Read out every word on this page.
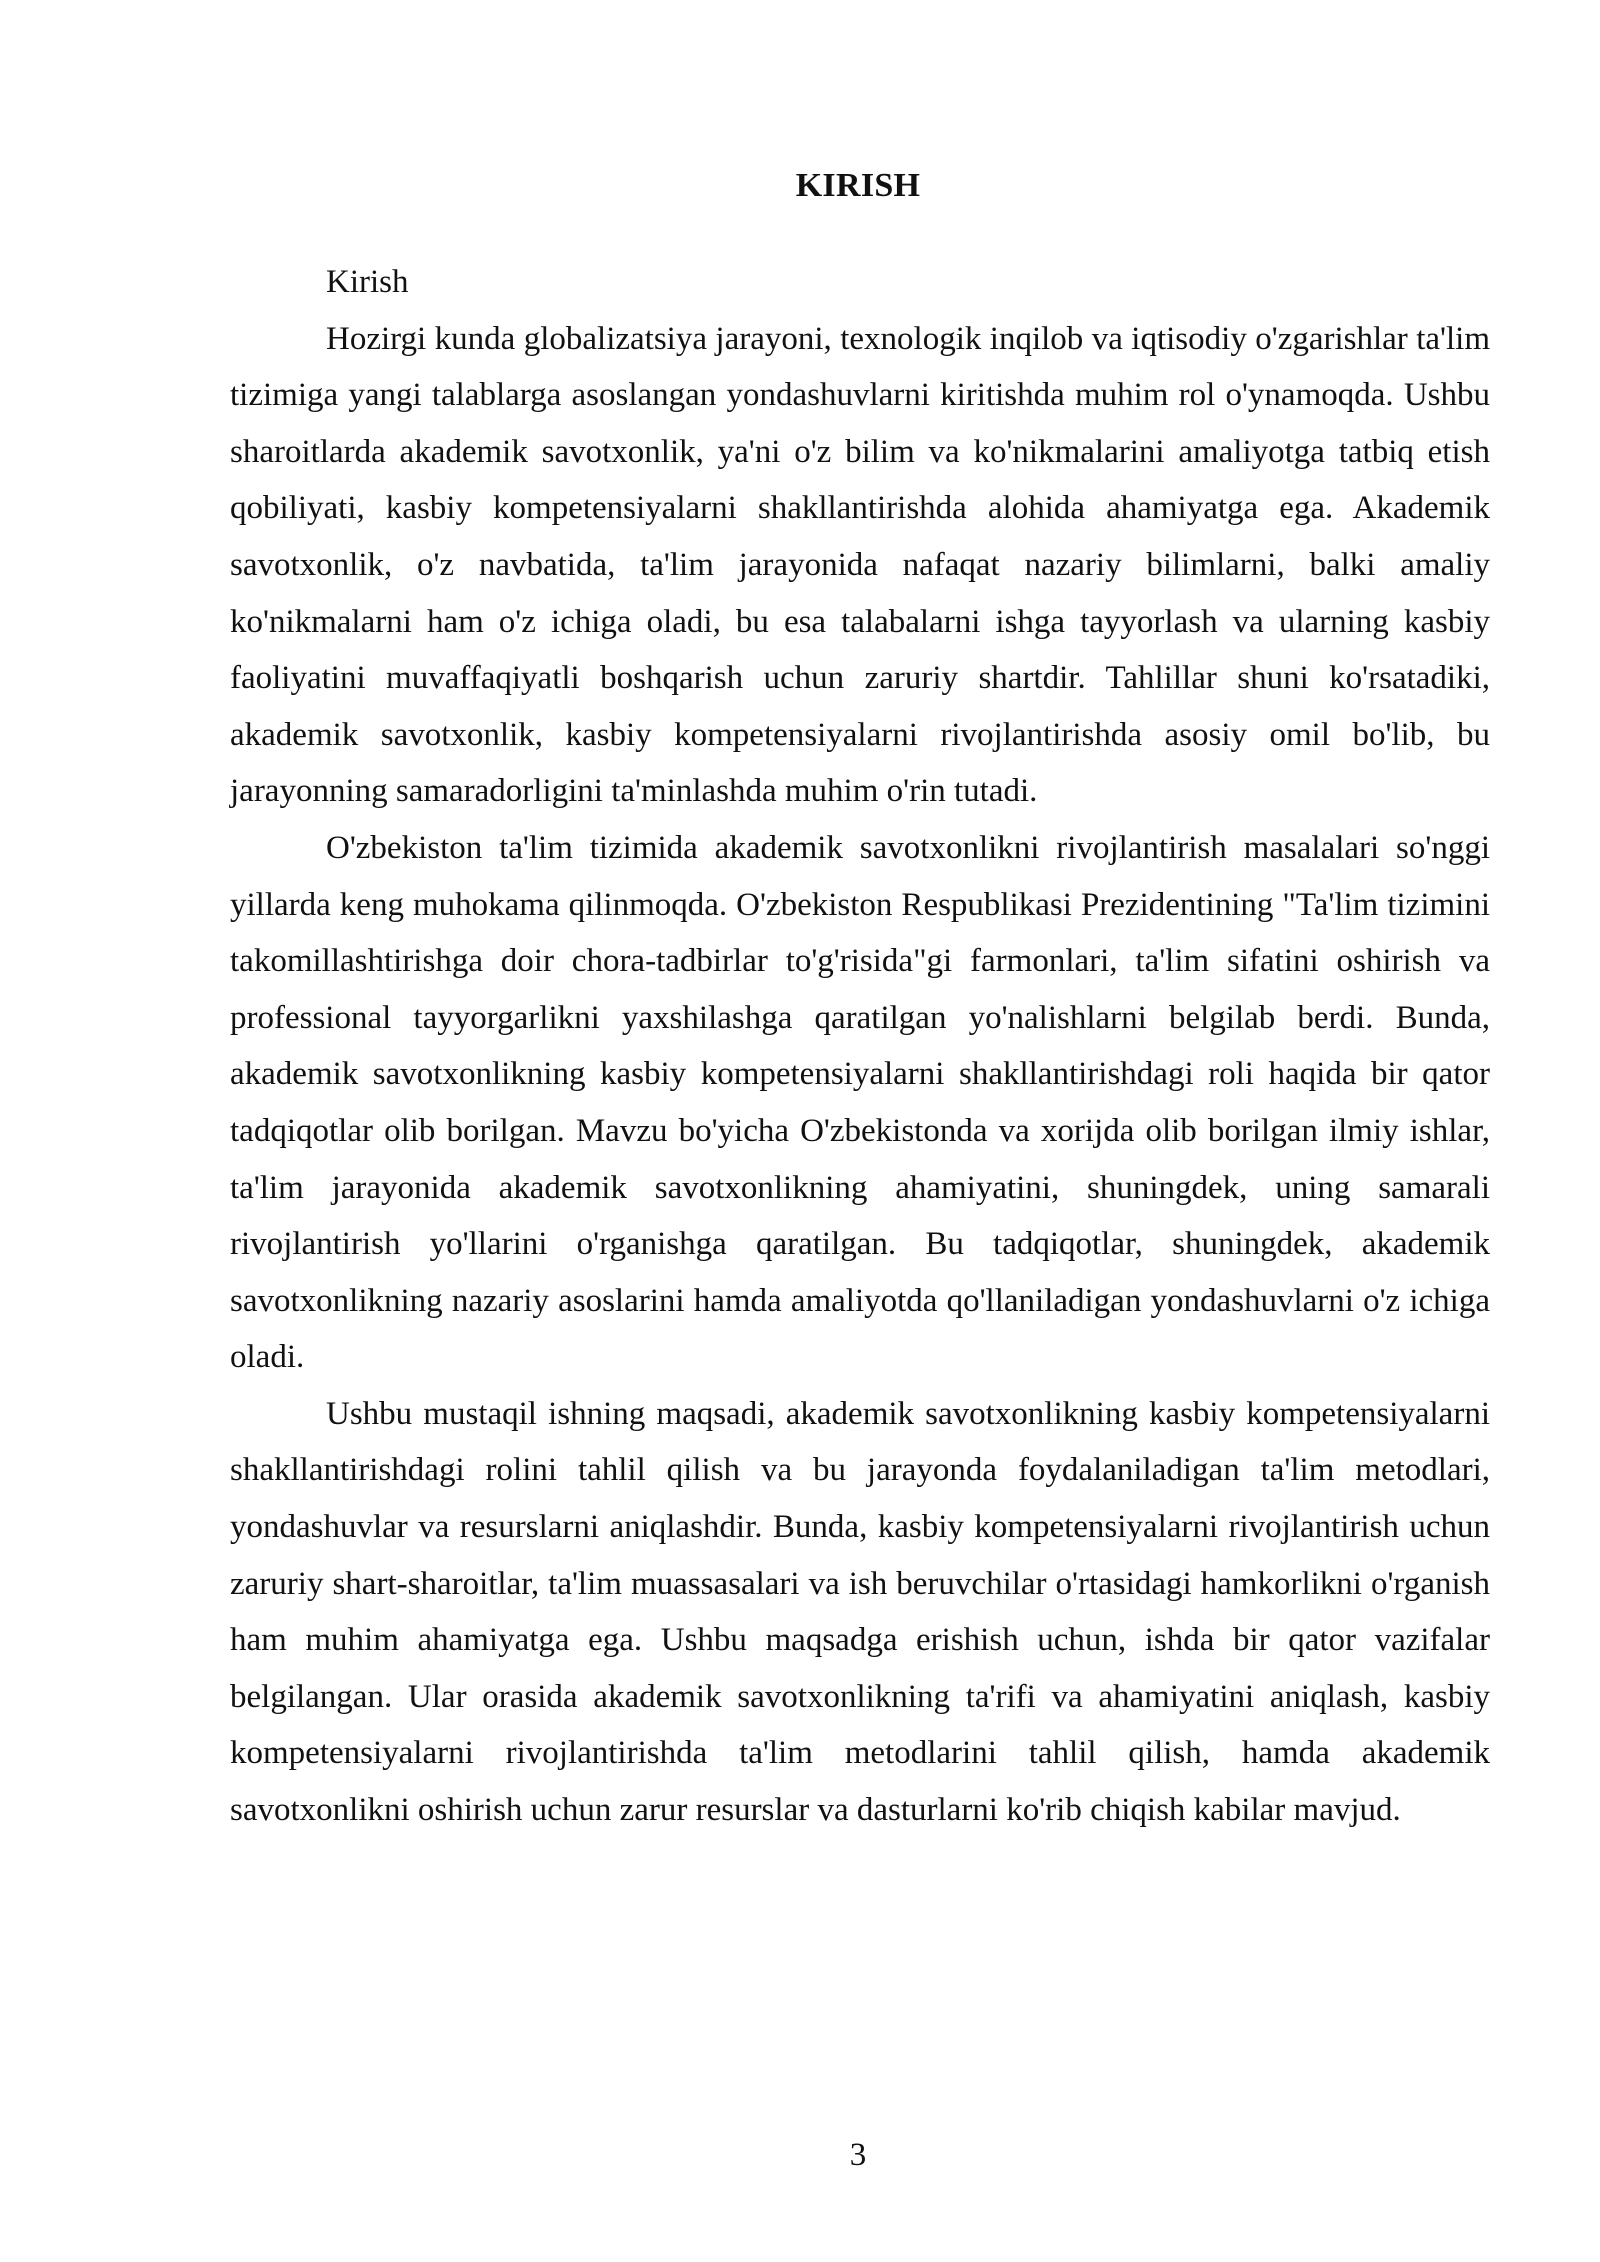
KIRISH

Kirish

Hozirgi kunda globalizatsiya jarayoni, texnologik inqilob va iqtisodiy o'zgarishlar ta'lim tizimiga yangi talablarga asoslangan yondashuvlarni kiritishda muhim rol o'ynamoqda. Ushbu sharoitlarda akademik savotxonlik, ya'ni o'z bilim va ko'nikmalarini amaliyotga tatbiq etish qobiliyati, kasbiy kompetensiyalarni shakllantirishda alohida ahamiyatga ega. Akademik savotxonlik, o'z navbatida, ta'lim jarayonida nafaqat nazariy bilimlarni, balki amaliy ko'nikmalarni ham o'z ichiga oladi, bu esa talabalarni ishga tayyorlash va ularning kasbiy faoliyatini muvaffaqiyatli boshqarish uchun zaruriy shartdir. Tahlillar shuni ko'rsatadiki, akademik savotxonlik, kasbiy kompetensiyalarni rivojlantirishda asosiy omil bo'lib, bu jarayonning samaradorligini ta'minlashda muhim o'rin tutadi.

O'zbekiston ta'lim tizimida akademik savotxonlikni rivojlantirish masalalari so'nggi yillarda keng muhokama qilinmoqda. O'zbekiston Respublikasi Prezidentining "Ta'lim tizimini takomillashtirishga doir chora-tadbirlar to'g'risida"gi farmonlari, ta'lim sifatini oshirish va professional tayyorgarlikni yaxshilashga qaratilgan yo'nalishlarni belgilab berdi. Bunda, akademik savotxonlikning kasbiy kompetensiyalarni shakllantirishdagi roli haqida bir qator tadqiqotlar olib borilgan. Mavzu bo'yicha O'zbekistonda va xorijda olib borilgan ilmiy ishlar, ta'lim jarayonida akademik savotxonlikning ahamiyatini, shuningdek, uning samarali rivojlantirish yo'llarini o'rganishga qaratilgan. Bu tadqiqotlar, shuningdek, akademik savotxonlikning nazariy asoslarini hamda amaliyotda qo'llaniladigan yondashuvlarni o'z ichiga oladi.

Ushbu mustaqil ishning maqsadi, akademik savotxonlikning kasbiy kompetensiyalarni shakllantirishdagi rolini tahlil qilish va bu jarayonda foydalaniladigan ta'lim metodlari, yondashuvlar va resurslarni aniqlashdir. Bunda, kasbiy kompetensiyalarni rivojlantirish uchun zaruriy shart-sharoitlar, ta'lim muassasalari va ish beruvchilar o'rtasidagi hamkorlikni o'rganish ham muhim ahamiyatga ega. Ushbu maqsadga erishish uchun, ishda bir qator vazifalar belgilangan. Ular orasida akademik savotxonlikning ta'rifi va ahamiyatini aniqlash, kasbiy kompetensiyalarni rivojlantirishda ta'lim metodlarini tahlil qilish, hamda akademik savotxonlikni oshirish uchun zarur resurslar va dasturlarni ko'rib chiqish kabilar mavjud.

3
